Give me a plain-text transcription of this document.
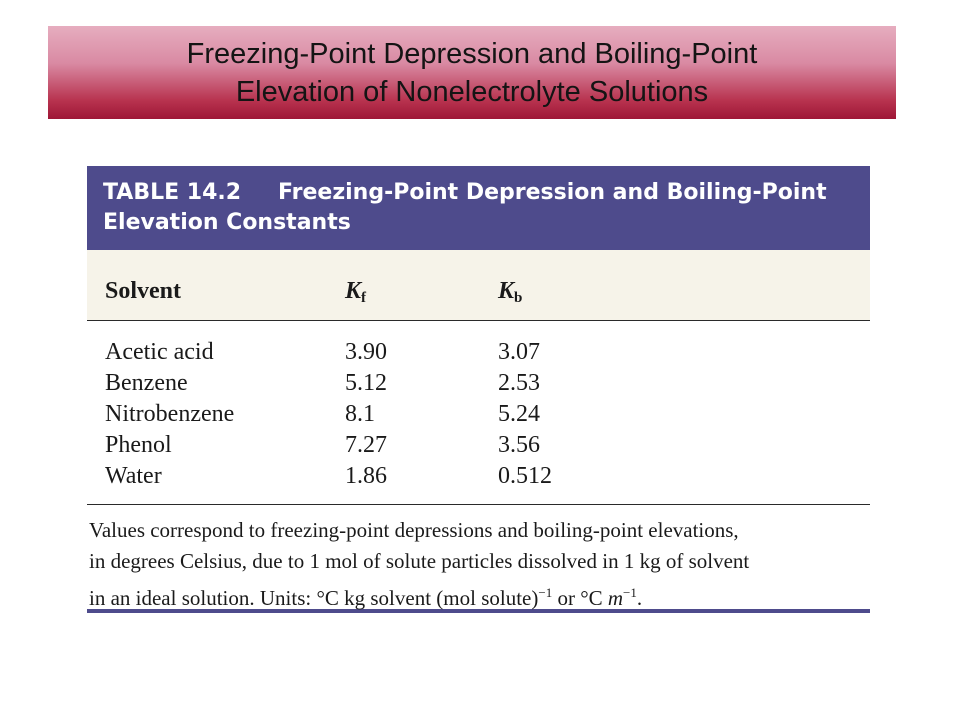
Freezing-Point Depression and Boiling-Point
Elevation of Nonelectrolyte Solutions
TABLE 14.2	Freezing-Point Depression and Boiling-Point
Elevation Constants
Solvent	$K_f$	$K_b$
Acetic acid	3.90	3.07
Benzene	5.12	2.53
Nitrobenzene	8.1	5.24
Phenol	7.27	3.56
Water	1.86	0.512
Values correspond to freezing-point depressions and boiling-point elevations,
in degrees Celsius, due to 1 mol of solute particles dissolved in 1 kg of solvent
in an ideal solution. Units: °C kg solvent (mol solute)$^{-1}$ or °C $m^{-1}$.
